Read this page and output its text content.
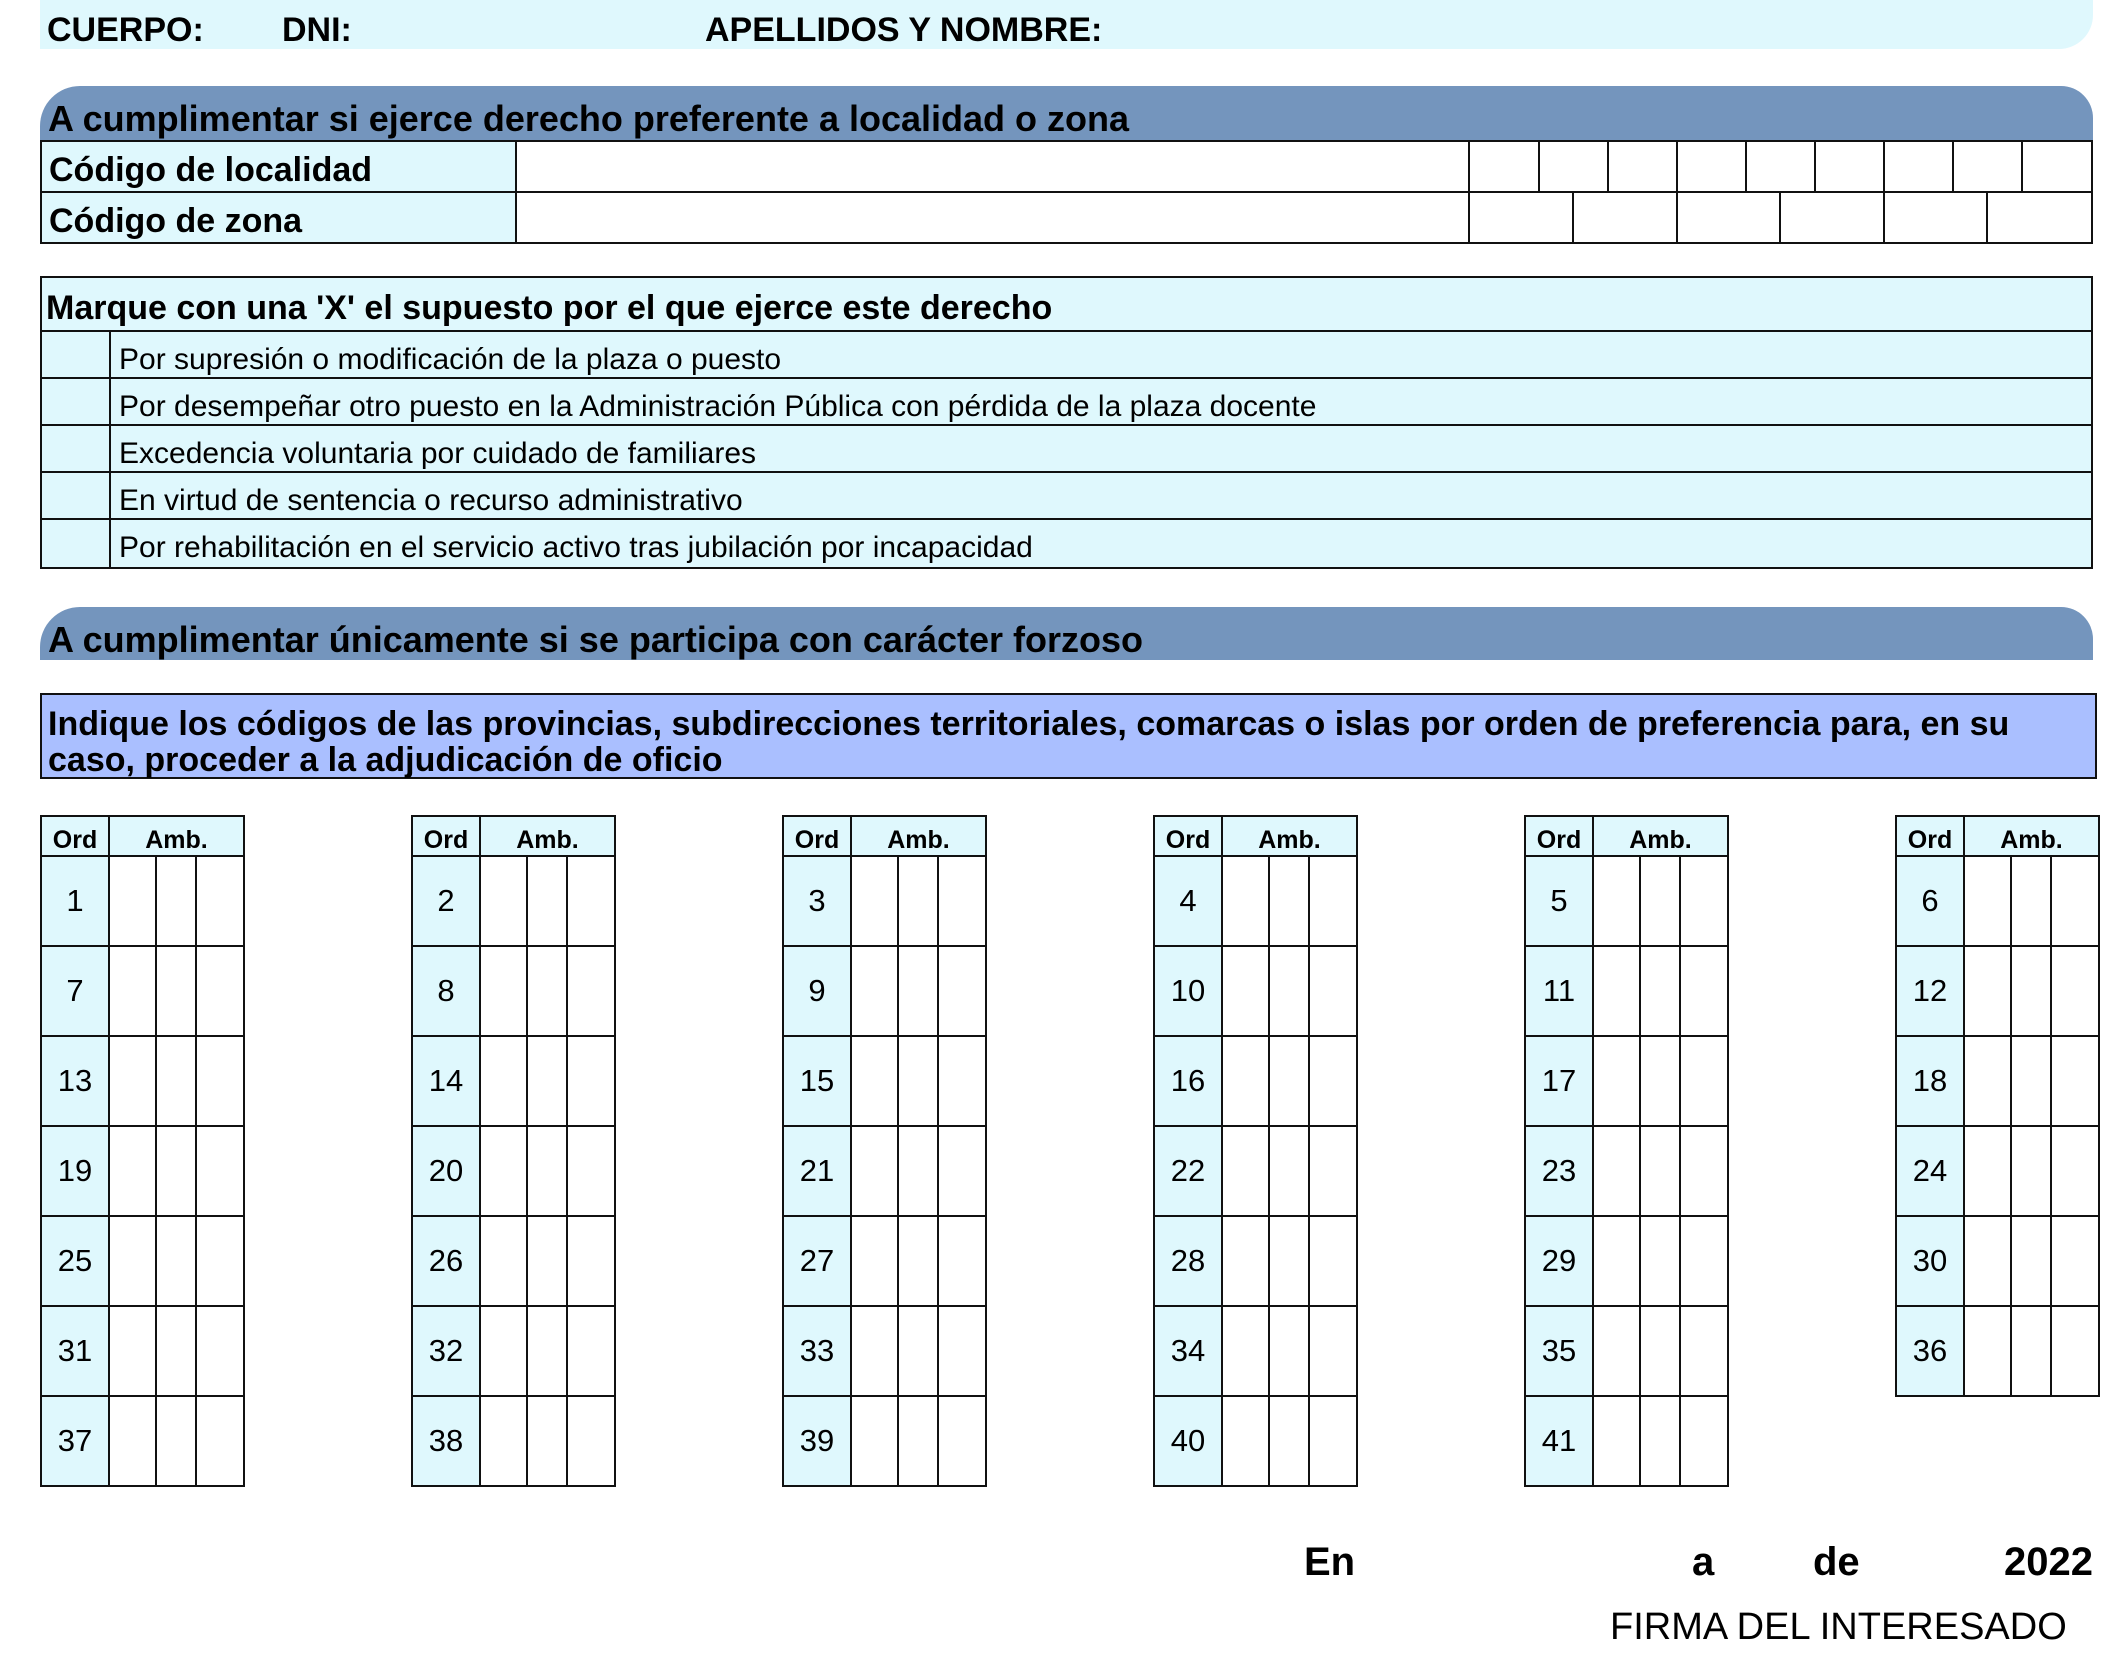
CUERPO: DNI:	APELLIDOS Y NOMBRE:
A cumplimentar si ejerce derecho preferente a localidad o zona
Código de localidad		

Código de zona		

Marque con una 'X' el supuesto por el que ejerce este derecho
Por supresión o modificación de la plaza o puesto
Por desempeñar otro puesto en la Administración Pública con pérdida de la plaza docente
Excedencia voluntaria por cuidado de familiares
En virtud de sentencia o recurso administrativo
Por rehabilitación en el servicio activo tras jubilación por incapacidad
A cumplimentar únicamente si se participa con carácter forzoso
Indique los códigos de las provincias, subdirecciones territoriales, comarcas o islas por orden de preferencia para, en su caso, proceder a la adjudicación de oficio
Ord	Amb.		
1			
7			
13			
19			
25			
31			
37			
Ord	Amb.		
2			
8			
14			
20			
26			
32			
38			
Ord	Amb.		
3			
9			
15			
21			
27			
33			
39			
Ord	Amb.		
4			
10			
16			
22			
28			
34			
40			
Ord	Amb.		
5			
11			
17			
23			
29			
35			
41			
Ord	Amb.		
6			
12			
18			
24			
30			
36			
En	a de	2022
FIRMA DEL INTERESADO
